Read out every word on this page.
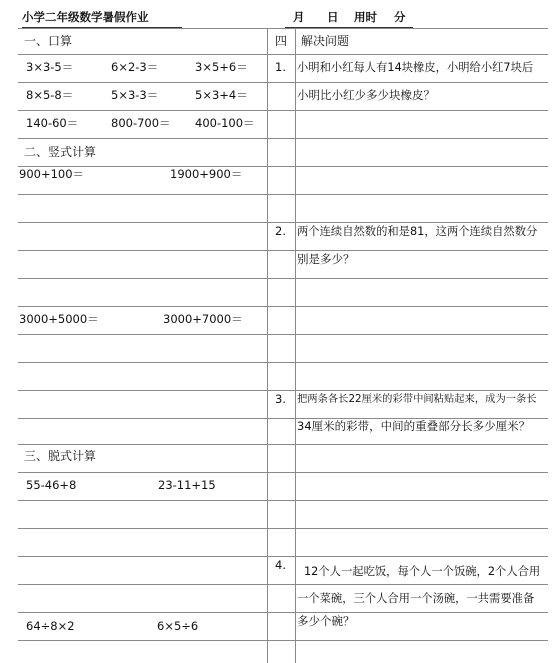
小学二年级数学暑假作业	月 日 用时 分
一、口算
3×3-5＝	6×2-3＝	3×5+6＝
8×5-8＝	5×3-3＝	5×3+4＝
140-60＝	800-700＝ 400-100＝
二、竖式计算
900+100＝	1900+900＝
3000+5000＝	3000+7000＝
三、脱式计算
55-46+8	23-11+15
64÷8×2	6×5÷6
四 解决问题
1. 小明和小红每人有14块橡皮，小明给小红7块后
小明比小红少多少块橡皮？
2. 两个连续自然数的和是81，这两个连续自然数分
别是多少？
3. 把两条各长22厘米的彩带中间粘贴起来，成为一条长
34厘米的彩带，中间的重叠部分长多少厘米？
4. 12个人一起吃饭，每个人一个饭碗，2个人合用
一个菜碗，三个人合用一个汤碗，一共需要准备
多少个碗？
